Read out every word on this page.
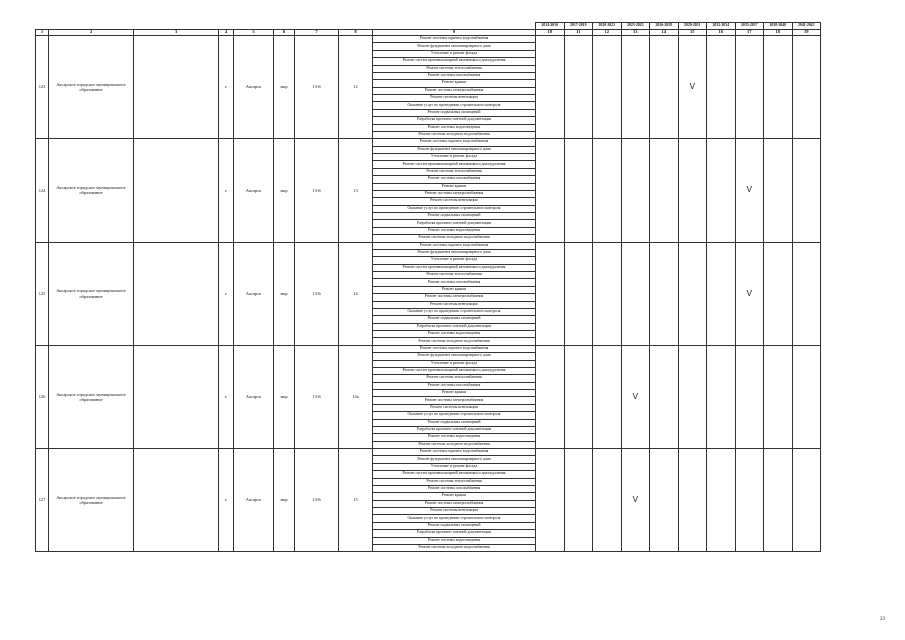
									2014-2016	2017-2019	2020-2022	2023-2025	2026-2028	2029-2031	2032-2034	2035-2037	2038-2040	2041-2043
1	2	3	4	5	6	7	8	9	10	11	12	13	14	15	16	17	18	19
123	Аксарское городское муниципальное образование		г.	Аксарск	мкр	13-й	12	Ремонт системы горячего водоснабжения						V				
								Ремонт фундамента многоквартирного дома										
								Утепление и ремонт фасада										
								Ремонт систем противопожарной автоматики и дымоудаления										
								Ремонт системы теплоснабжения										
								Ремонт системы газоснабжения										
								Ремонт крыши										
								Ремонт системы электроснабжения										
								Ремонт системы вентиляции										
								Оказание услуг по проведению строительного контроля										
								Ремонт подвальных помещений										
								Разработка проектно-сметной документации										
								Ремонт системы водоотведения										
								Ремонт системы холодного водоснабжения										
124	Аксарское городское муниципальное образование		г.	Аксарск	мкр	13-й	13	Ремонт системы горячего водоснабжения								V		
								Ремонт фундамента многоквартирного дома										
								Утепление и ремонт фасада										
								Ремонт систем противопожарной автоматики и дымоудаления										
								Ремонт системы теплоснабжения										
								Ремонт системы газоснабжения										
								Ремонт крыши										
								Ремонт системы электроснабжения										
								Ремонт системы вентиляции										
								Оказание услуг по проведению строительного контроля										
								Ремонт подвальных помещений										
								Разработка проектно-сметной документации										
								Ремонт системы водоотведения										
								Ремонт системы холодного водоснабжения										
125	Аксарское городское муниципальное образование		г.	Аксарск	мкр	13-й	14	Ремонт системы горячего водоснабжения								V		
								Ремонт фундамента многоквартирного дома										
								Утепление и ремонт фасада										
								Ремонт систем противопожарной автоматики и дымоудаления										
								Ремонт системы теплоснабжения										
								Ремонт системы газоснабжения										
								Ремонт крыши										
								Ремонт системы электроснабжения										
								Ремонт системы вентиляции										
								Оказание услуг по проведению строительного контроля										
								Ремонт подвальных помещений										
								Разработка проектно-сметной документации										
								Ремонт системы водоотведения										
								Ремонт системы холодного водоснабжения										
126	Аксарское городское муниципальное образование		г.	Аксарск	мкр	13-й	14а	Ремонт системы горячего водоснабжения				V						
								Ремонт фундамента многоквартирного дома										
								Утепление и ремонт фасада										
								Ремонт систем противопожарной автоматики и дымоудаления										
								Ремонт системы теплоснабжения										
								Ремонт системы газоснабжения										
								Ремонт крыши										
								Ремонт системы электроснабжения										
								Ремонт системы вентиляции										
								Оказание услуг по проведению строительного контроля										
								Ремонт подвальных помещений										
								Разработка проектно-сметной документации										
								Ремонт системы водоотведения										
								Ремонт системы холодного водоснабжения										
127	Аксарское городское муниципальное образование		г.	Аксарск	мкр	13-й	15	Ремонт системы горячего водоснабжения				V						
								Ремонт фундамента многоквартирного дома										
								Утепление и ремонт фасада										
								Ремонт систем противопожарной автоматики и дымоудаления										
								Ремонт системы теплоснабжения										
								Ремонт системы газоснабжения										
								Ремонт крыши										
								Ремонт системы электроснабжения										
								Ремонт системы вентиляции										
								Оказание услуг по проведению строительного контроля										
								Ремонт подвальных помещений										
								Разработка проектно-сметной документации										
								Ремонт системы водоотведения										
								Ремонт системы холодного водоснабжения										
23
